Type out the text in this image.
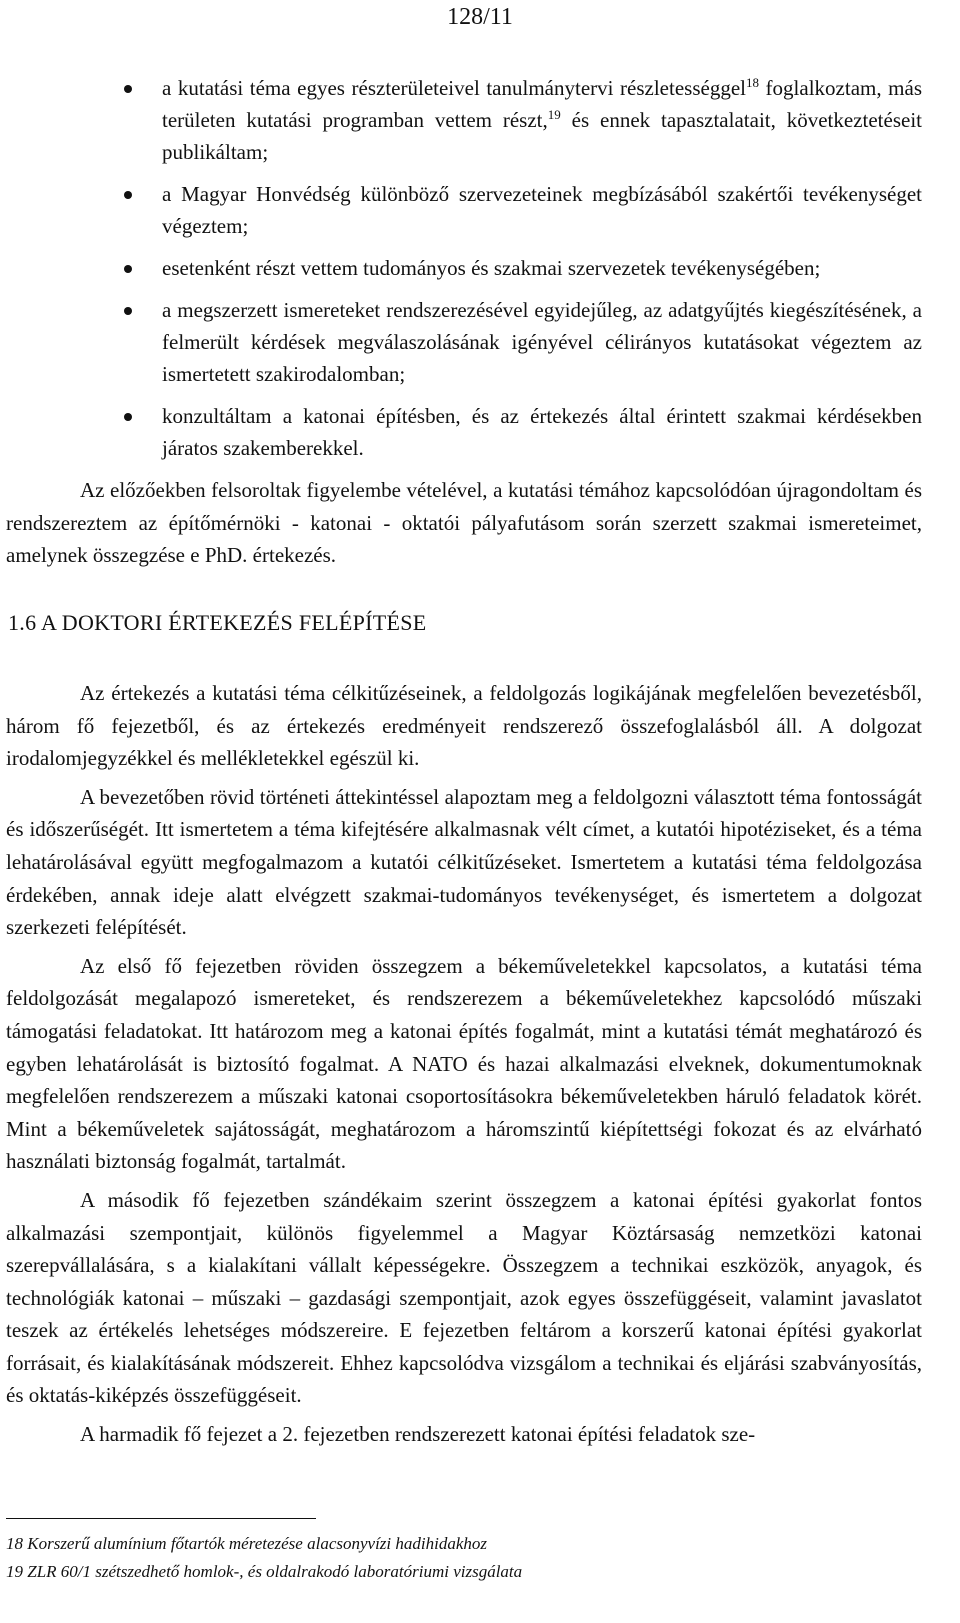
128/11
a kutatási téma egyes részterületeivel tanulmánytervi részletességgel$^{18}$ foglalkoztam, más területen kutatási programban vettem részt,$^{19}$ és ennek tapasztalatait, következtetéseit publikáltam;
a Magyar Honvédség különböző szervezeteinek megbízásából szakértői tevékenységet végeztem;
esetenként részt vettem tudományos és szakmai szervezetek tevékenységében;
a megszerzett ismereteket rendszerezésével egyidejűleg, az adatgyűjtés kiegészítésének, a felmerült kérdések megválaszolásának igényével célirányos kutatásokat végeztem az ismertetett szakirodalomban;
konzultáltam a katonai építésben, és az értekezés által érintett szakmai kérdésekben járatos szakemberekkel.

Az előzőekben felsoroltak figyelembe vételével, a kutatási témához kapcsolódóan újragondoltam és rendszereztem az építőmérnöki - katonai - oktatói pályafutásom során szerzett szakmai ismereteimet, amelynek összegzése e PhD. értekezés.

1.6 A DOKTORI ÉRTEKEZÉS FELÉPÍTÉSE

Az értekezés a kutatási téma célkitűzéseinek, a feldolgozás logikájának megfelelően bevezetésből, három fő fejezetből, és az értekezés eredményeit rendszerező összefoglalásból áll. A dolgozat irodalomjegyzékkel és mellékletekkel egészül ki.

A bevezetőben rövid történeti áttekintéssel alapoztam meg a feldolgozni választott téma fontosságát és időszerűségét. Itt ismertetem a téma kifejtésére alkalmasnak vélt címet, a kutatói hipotéziseket, és a téma lehatárolásával együtt megfogalmazom a kutatói célkitűzéseket. Ismertetem a kutatási téma feldolgozása érdekében, annak ideje alatt elvégzett szakmai-tudományos tevékenységet, és ismertetem a dolgozat szerkezeti felépítését.

Az első fő fejezetben röviden összegzem a békeműveletekkel kapcsolatos, a kutatási téma feldolgozását megalapozó ismereteket, és rendszerezem a békeműveletekhez kapcsolódó műszaki támogatási feladatokat. Itt határozom meg a katonai építés fogalmát, mint a kutatási témát meghatározó és egyben lehatárolását is biztosító fogalmat. A NATO és hazai alkalmazási elveknek, dokumentumoknak megfelelően rendszerezem a műszaki katonai csoportosításokra békeműveletekben háruló feladatok körét. Mint a békeműveletek sajátosságát, meghatározom a háromszintű kiépítettségi fokozat és az elvárható használati biztonság fogalmát, tartalmát.

A második fő fejezetben szándékaim szerint összegzem a katonai építési gyakorlat fontos alkalmazási szempontjait, különös figyelemmel a Magyar Köztársaság nemzetközi katonai szerepvállalására, s a kialakítani vállalt képességekre. Összegzem a technikai eszközök, anyagok, és technológiák katonai – műszaki – gazdasági szempontjait, azok egyes összefüggéseit, valamint javaslatot teszek az értékelés lehetséges módszereire. E fejezetben feltárom a korszerű katonai építési gyakorlat forrásait, és kialakításának módszereit. Ehhez kapcsolódva vizsgálom a technikai és eljárási szabványosítás, és oktatás-kiképzés összefüggéseit.

A harmadik fő fejezet a 2. fejezetben rendszerezett katonai építési feladatok sze-

18 Korszerű alumínium főtartók méretezése alacsonyvízi hadihidakhoz
19 ZLR 60/1 szétszedhető homlok-, és oldalrakodó laboratóriumi vizsgálata
